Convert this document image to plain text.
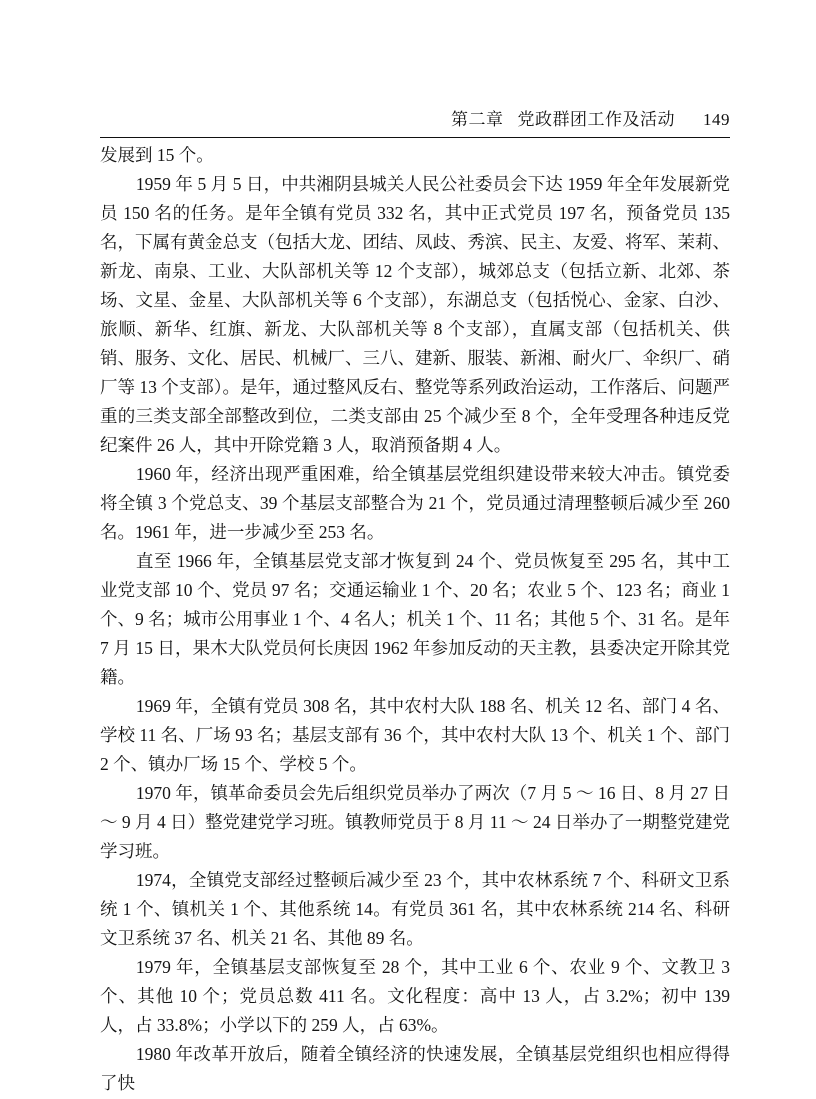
第二章 党政群团工作及活动 149

发展到 15 个。

1959 年 5 月 5 日，中共湘阴县城关人民公社委员会下达 1959 年全年发展新党员 150 名的任务。是年全镇有党员 332 名，其中正式党员 197 名，预备党员 135 名，下属有黄金总支（包括大龙、团结、凤歧、秀滨、民主、友爱、将军、茉莉、新龙、南泉、工业、大队部机关等 12 个支部），城郊总支（包括立新、北郊、茶场、文星、金星、大队部机关等 6 个支部），东湖总支（包括悦心、金家、白沙、旅顺、新华、红旗、新龙、大队部机关等 8 个支部），直属支部（包括机关、供销、服务、文化、居民、机械厂、三八、建新、服装、新湘、耐火厂、伞织厂、硝厂等 13 个支部）。是年，通过整风反右、整党等系列政治运动，工作落后、问题严重的三类支部全部整改到位，二类支部由 25 个减少至 8 个，全年受理各种违反党纪案件 26 人，其中开除党籍 3 人，取消预备期 4 人。

1960 年，经济出现严重困难，给全镇基层党组织建设带来较大冲击。镇党委将全镇 3 个党总支、39 个基层支部整合为 21 个，党员通过清理整顿后减少至 260 名。1961 年，进一步减少至 253 名。

直至 1966 年，全镇基层党支部才恢复到 24 个、党员恢复至 295 名，其中工业党支部 10 个、党员 97 名；交通运输业 1 个、20 名；农业 5 个、123 名；商业 1 个、9 名；城市公用事业 1 个、4 名人；机关 1 个、11 名；其他 5 个、31 名。是年 7 月 15 日，果木大队党员何长庚因 1962 年参加反动的天主教，县委决定开除其党籍。

1969 年，全镇有党员 308 名，其中农村大队 188 名、机关 12 名、部门 4 名、学校 11 名、厂场 93 名；基层支部有 36 个，其中农村大队 13 个、机关 1 个、部门 2 个、镇办厂场 15 个、学校 5 个。

1970 年，镇革命委员会先后组织党员举办了两次（7 月 5 ～ 16 日、8 月 27 日～ 9 月 4 日）整党建党学习班。镇教师党员于 8 月 11 ～ 24 日举办了一期整党建党学习班。

1974，全镇党支部经过整顿后减少至 23 个，其中农林系统 7 个、科研文卫系统 1 个、镇机关 1 个、其他系统 14。有党员 361 名，其中农林系统 214 名、科研文卫系统 37 名、机关 21 名、其他 89 名。

1979 年，全镇基层支部恢复至 28 个，其中工业 6 个、农业 9 个、文教卫 3 个、其他 10 个；党员总数 411 名。文化程度：高中 13 人，占 3.2%；初中 139 人，占 33.8%；小学以下的 259 人，占 63%。

1980 年改革开放后，随着全镇经济的快速发展，全镇基层党组织也相应得得了快
